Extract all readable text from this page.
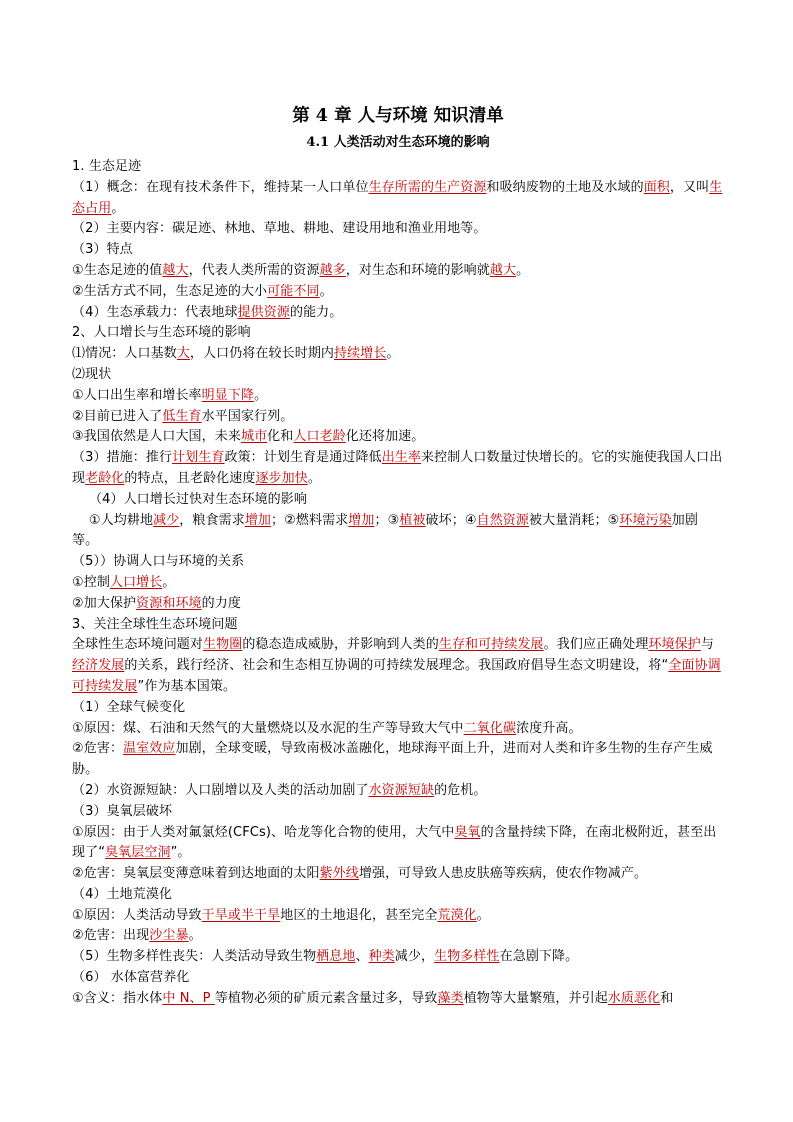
第 4 章 人与环境 知识清单
4.1 人类活动对生态环境的影响
1. 生态足迹
（1）概念：在现有技术条件下，维持某一人口单位生存所需的生产资源和吸纳废物的土地及水域的面积，又叫生态占用。
（2）主要内容：碳足迹、林地、草地、耕地、建设用地和渔业用地等。
（3）特点
①生态足迹的值越大，代表人类所需的资源越多，对生态和环境的影响就越大。
②生活方式不同，生态足迹的大小可能不同。
（4）生态承载力：代表地球提供资源的能力。
2、人口增长与生态环境的影响
⑴情况：人口基数大，人口仍将在较长时期内持续增长。
⑵现状
①人口出生率和增长率明显下降。
②目前已进入了低生育水平国家行列。
③我国依然是人口大国，未来城市化和人口老龄化还将加速。
（3）措施：推行计划生育政策：计划生育是通过降低出生率来控制人口数量过快增长的。它的实施使我国人口出现老龄化的特点，且老龄化速度逐步加快。
（4）人口增长过快对生态环境的影响
①人均耕地减少，粮食需求增加；②燃料需求增加；③植被破坏；④自然资源被大量消耗；⑤环境污染加剧等。
（5））协调人口与环境的关系
①控制人口增长。
②加大保护资源和环境的力度
3、关注全球性生态环境问题
全球性生态环境问题对生物圈的稳态造成威胁，并影响到人类的生存和可持续发展。我们应正确处理环境保护与经济发展的关系，践行经济、社会和生态相互协调的可持续发展理念。我国政府倡导生态文明建设，将“全面协调可持续发展”作为基本国策。
（1）全球气候变化
①原因：煤、石油和天然气的大量燃烧以及水泥的生产等导致大气中二氧化碳浓度升高。
②危害：温室效应加剧，全球变暖，导致南极冰盖融化，地球海平面上升，进而对人类和许多生物的生存产生威胁。
（2）水资源短缺：人口剧增以及人类的活动加剧了水资源短缺的危机。
（3）臭氧层破坏
①原因：由于人类对氟氯烃(CFCs)、哈龙等化合物的使用，大气中臭氧的含量持续下降，在南北极附近，甚至出现了“臭氧层空洞”。
②危害：臭氧层变薄意味着到达地面的太阳紫外线增强，可导致人患皮肤癌等疾病，使农作物减产。
（4）土地荒漠化
①原因：人类活动导致干旱或半干旱地区的土地退化，甚至完全荒漠化。
②危害：出现沙尘暴。
（5）生物多样性丧失：人类活动导致生物栖息地、种类减少，生物多样性在急剧下降。
（6） 水体富营养化
①含义：指水体中 N、P 等植物必须的矿质元素含量过多，导致藻类植物等大量繁殖，并引起水质恶化和
